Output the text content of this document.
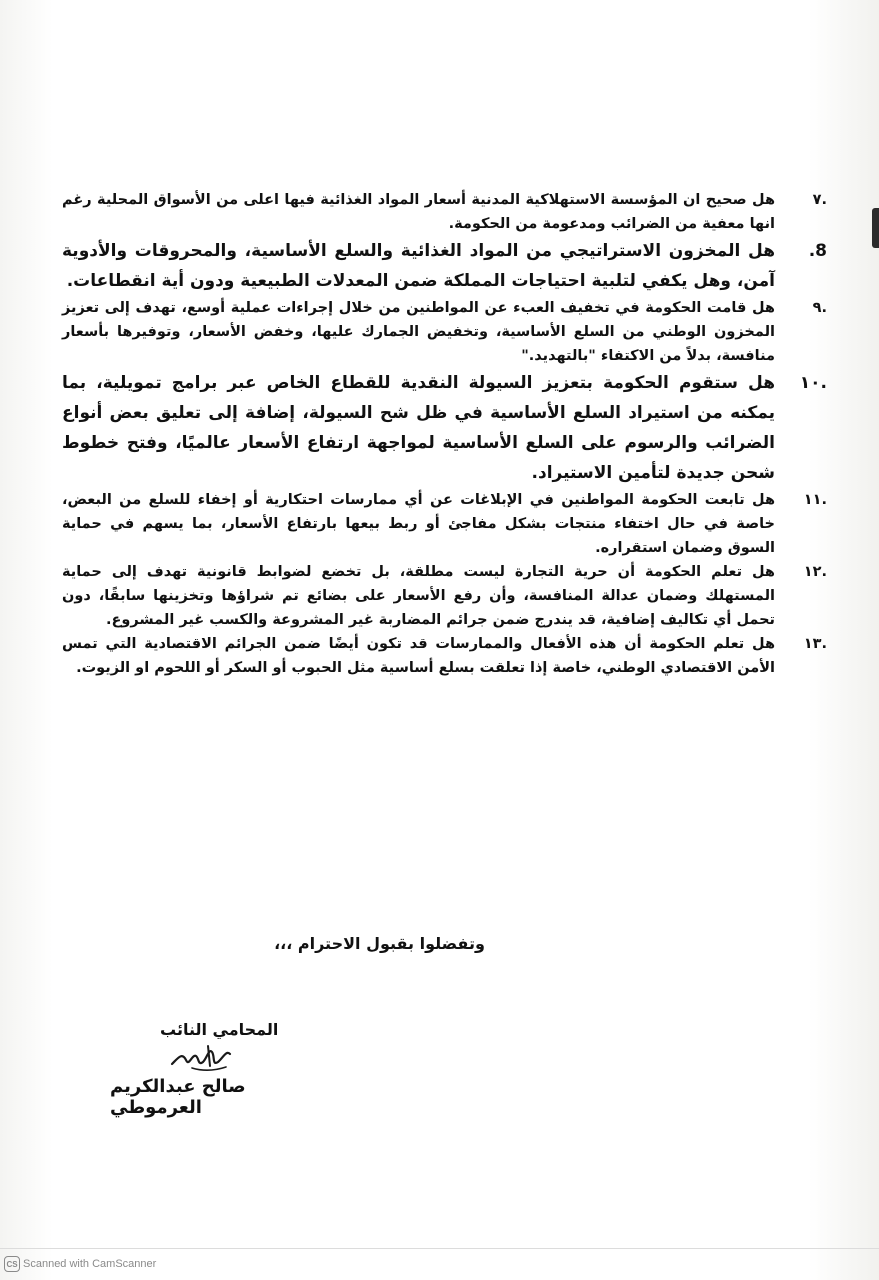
٧.
هل صحيح ان المؤسسة الاستهلاكية المدنية أسعار المواد الغذائية فيها اعلى من الأسواق المحلية رغم انها معفية من الضرائب ومدعومة من الحكومة.
8.
هل المخزون الاستراتيجي من المواد الغذائية والسلع الأساسية، والمحروقات والأدوية آمن، وهل يكفي لتلبية احتياجات المملكة ضمن المعدلات الطبيعية ودون أية انقطاعات.
٩.
هل قامت الحكومة في تخفيف العبء عن المواطنين من خلال إجراءات عملية أوسع، تهدف إلى تعزيز المخزون الوطني من السلع الأساسية، وتخفيض الجمارك عليها، وخفض الأسعار، وتوفيرها بأسعار منافسة، بدلاً من الاكتفاء "بالتهديد."
١٠.
هل ستقوم الحكومة بتعزيز السيولة النقدية للقطاع الخاص عبر برامج تمويلية، بما يمكنه من استيراد السلع الأساسية في ظل شح السيولة، إضافة إلى تعليق بعض أنواع الضرائب والرسوم على السلع الأساسية لمواجهة ارتفاع الأسعار عالميًا، وفتح خطوط شحن جديدة لتأمين الاستيراد.
١١.
هل تابعت الحكومة المواطنين في الإبلاغات عن أي ممارسات احتكارية أو إخفاء للسلع من البعض، خاصة في حال اختفاء منتجات بشكل مفاجئ أو ربط بيعها بارتفاع الأسعار، بما يسهم في حماية السوق وضمان استقراره.
١٢.
هل تعلم الحكومة أن حرية التجارة ليست مطلقة، بل تخضع لضوابط قانونية تهدف إلى حماية المستهلك وضمان عدالة المنافسة، وأن رفع الأسعار على بضائع تم شراؤها وتخزينها سابقًا، دون تحمل أي تكاليف إضافية، قد يندرج ضمن جرائم المضاربة غير المشروعة والكسب غير المشروع.
١٣.
هل تعلم الحكومة أن هذه الأفعال والممارسات قد تكون أيضًا ضمن الجرائم الاقتصادية التي تمس الأمن الاقتصادي الوطني، خاصة إذا تعلقت بسلع أساسية مثل الحبوب أو السكر أو اللحوم او الزيوت.
وتفضلوا بقبول الاحترام ،،،
المحامي النائب
صالح عبدالكريم العرموطي
CS Scanned with CamScanner
